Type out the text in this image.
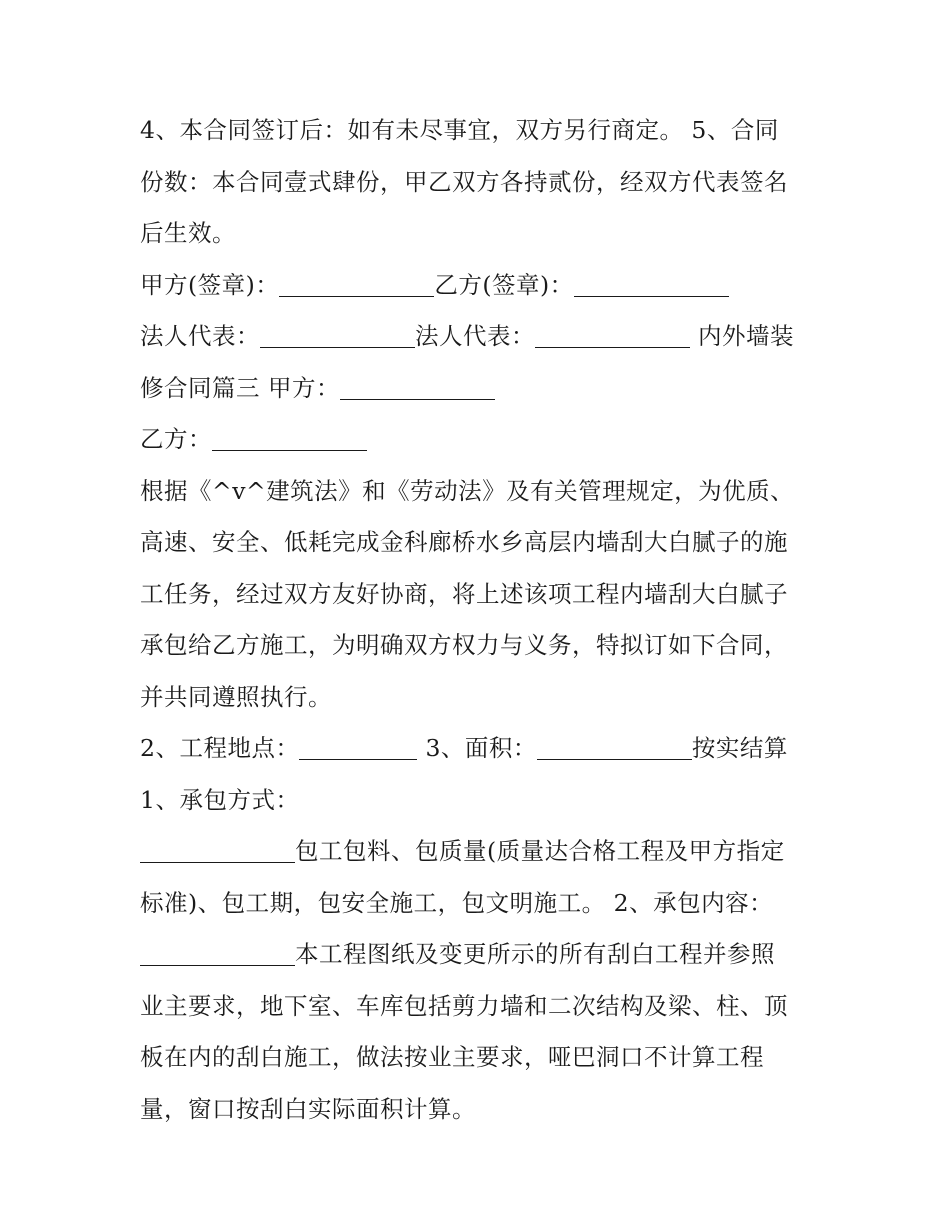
4、本合同签订后：如有未尽事宜，双方另行商定。 5、合同
份数：本合同壹式肆份，甲乙双方各持贰份，经双方代表签名
后生效。
甲方(签章)：	乙方(签章)：
法人代表：	法人代表：	内外墙装
修合同篇三 甲方：
乙方：
根据《^v^建筑法》和《劳动法》及有关管理规定，为优质、
高速、安全、低耗完成金科廊桥水乡高层内墙刮大白腻子的施
工任务，经过双方友好协商，将上述该项工程内墙刮大白腻子
承包给乙方施工，为明确双方权力与义务，特拟订如下合同，
并共同遵照执行。
2、工程地点：	3、面积：	按实结算
1、承包方式：
包工包料、包质量(质量达合格工程及甲方指定
标准)、包工期，包安全施工，包文明施工。 2、承包内容：
本工程图纸及变更所示的所有刮白工程并参照
业主要求，地下室、车库包括剪力墙和二次结构及梁、柱、顶
板在内的刮白施工，做法按业主要求，哑巴洞口不计算工程
量，窗口按刮白实际面积计算。
